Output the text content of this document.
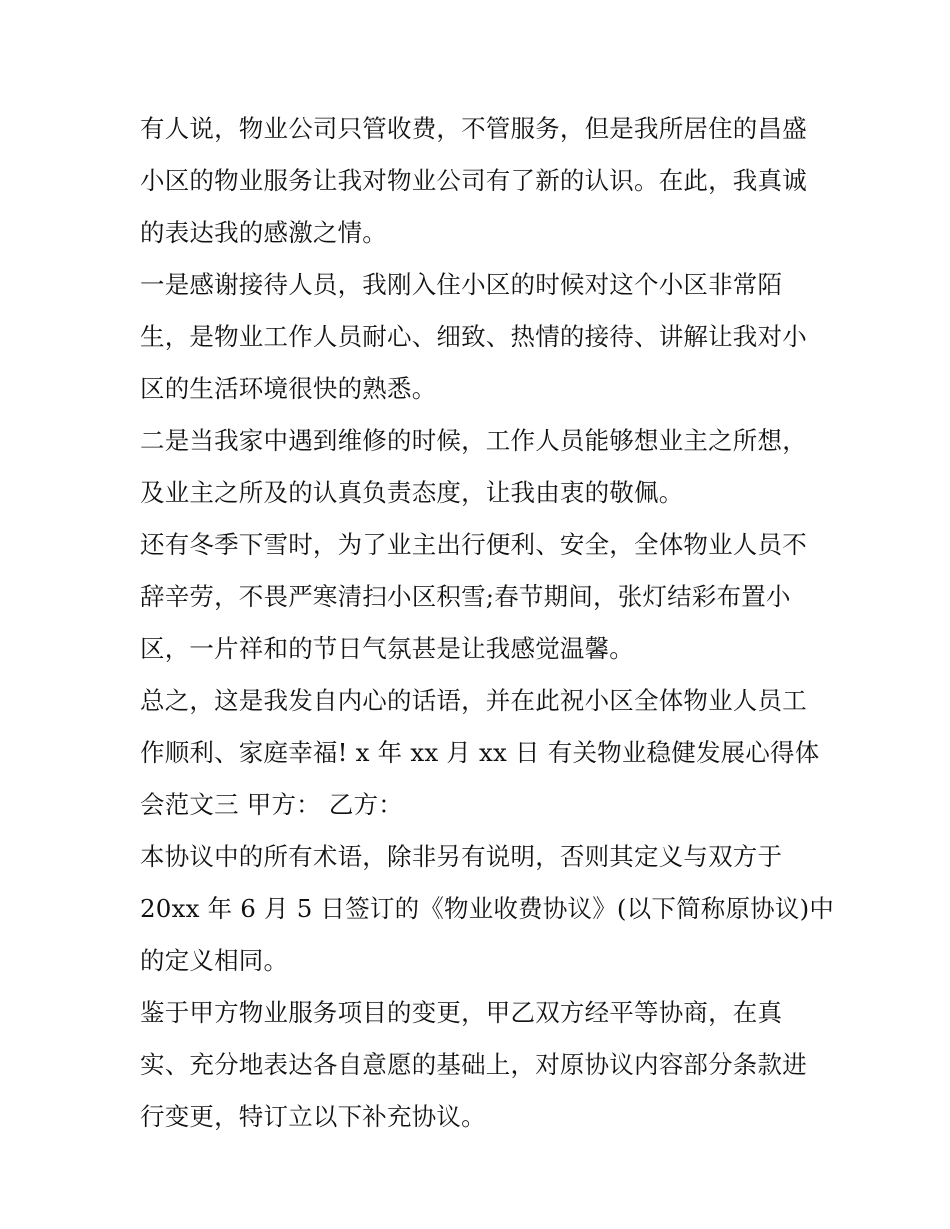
有人说，物业公司只管收费，不管服务，但是我所居住的昌盛
小区的物业服务让我对物业公司有了新的认识。在此，我真诚
的表达我的感激之情。
一是感谢接待人员，我刚入住小区的时候对这个小区非常陌
生，是物业工作人员耐心、细致、热情的接待、讲解让我对小
区的生活环境很快的熟悉。
二是当我家中遇到维修的时候，工作人员能够想业主之所想，
及业主之所及的认真负责态度，让我由衷的敬佩。
还有冬季下雪时，为了业主出行便利、安全，全体物业人员不
辞辛劳，不畏严寒清扫小区积雪;春节期间，张灯结彩布置小
区，一片祥和的节日气氛甚是让我感觉温馨。
总之，这是我发自内心的话语，并在此祝小区全体物业人员工
作顺利、家庭幸福! x 年 xx 月 xx 日 有关物业稳健发展心得体
会范文三 甲方： 乙方：
本协议中的所有术语，除非另有说明，否则其定义与双方于
20xx 年 6 月 5 日签订的《物业收费协议》(以下简称原协议)中
的定义相同。
鉴于甲方物业服务项目的变更，甲乙双方经平等协商，在真
实、充分地表达各自意愿的基础上，对原协议内容部分条款进
行变更，特订立以下补充协议。
